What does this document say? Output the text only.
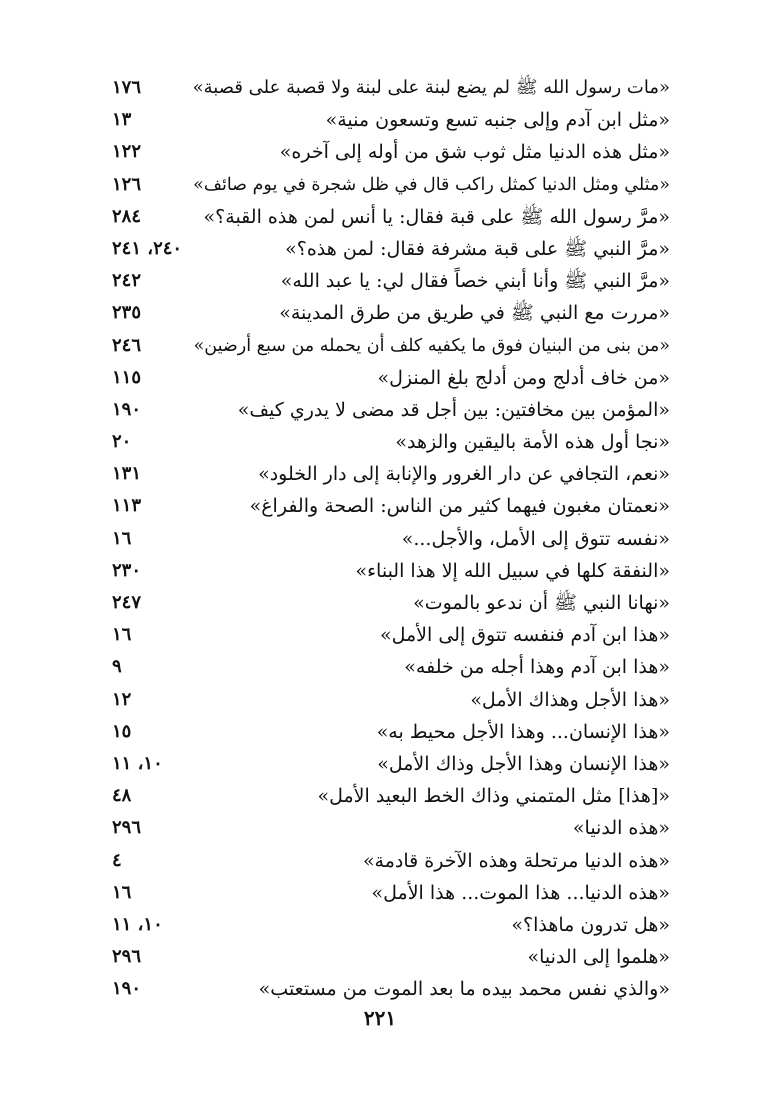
«مات رسول الله ﷺ لم يضع لبنة على لبنة ولا قصبة على قصبة»
١٧٦
«مثل ابن آدم وإلى جنبه تسع وتسعون منية»
١٣
«مثل هذه الدنيا مثل ثوب شق من أوله إلى آخره»
١٢٢
«مثلي ومثل الدنيا كمثل راكب قال في ظل شجرة في يوم صائف»
١٢٦
«مرَّ رسول الله ﷺ على قبة فقال: يا أنس لمن هذه القبة؟»
٢٨٤
«مرَّ النبي ﷺ على قبة مشرفة فقال: لمن هذه؟»
٢٤٠، ٢٤١
«مرَّ النبي ﷺ وأنا أبني خصاً فقال لي: يا عبد الله»
٢٤٢
«مررت مع النبي ﷺ في طريق من طرق المدينة»
٢٣٥
«من بنى من البنيان فوق ما يكفيه كلف أن يحمله من سبع أرضين»
٢٤٦
«من خاف أدلج ومن أدلج بلغ المنزل»
١١٥
«المؤمن بين مخافتين: بين أجل قد مضى لا يدري كيف»
١٩٠
«نجا أول هذه الأمة باليقين والزهد»
٢٠
«نعم، التجافي عن دار الغرور والإنابة إلى دار الخلود»
١٣١
«نعمتان مغبون فيهما كثير من الناس: الصحة والفراغ»
١١٣
«نفسه تتوق إلى الأمل، والأجل...»
١٦
«النفقة كلها في سبيل الله إلا هذا البناء»
٢٣٠
«نهانا النبي ﷺ أن ندعو بالموت»
٢٤٧
«هذا ابن آدم فنفسه تتوق إلى الأمل»
١٦
«هذا ابن آدم وهذا أجله من خلفه»
٩
«هذا الأجل وهذاك الأمل»
١٢
«هذا الإنسان... وهذا الأجل محيط به»
١٥
«هذا الإنسان وهذا الأجل وذاك الأمل»
١٠، ١١
«[هذا] مثل المتمني وذاك الخط البعيد الأمل»
٤٨
«هذه الدنيا»
٢٩٦
«هذه الدنيا مرتحلة وهذه الآخرة قادمة»
٤
«هذه الدنيا... هذا الموت... هذا الأمل»
١٦
«هل تدرون ماهذا؟»
١٠، ١١
«هلموا إلى الدنيا»
٢٩٦
«والذي نفس محمد بيده ما بعد الموت من مستعتب»
١٩٠
٢٢١
